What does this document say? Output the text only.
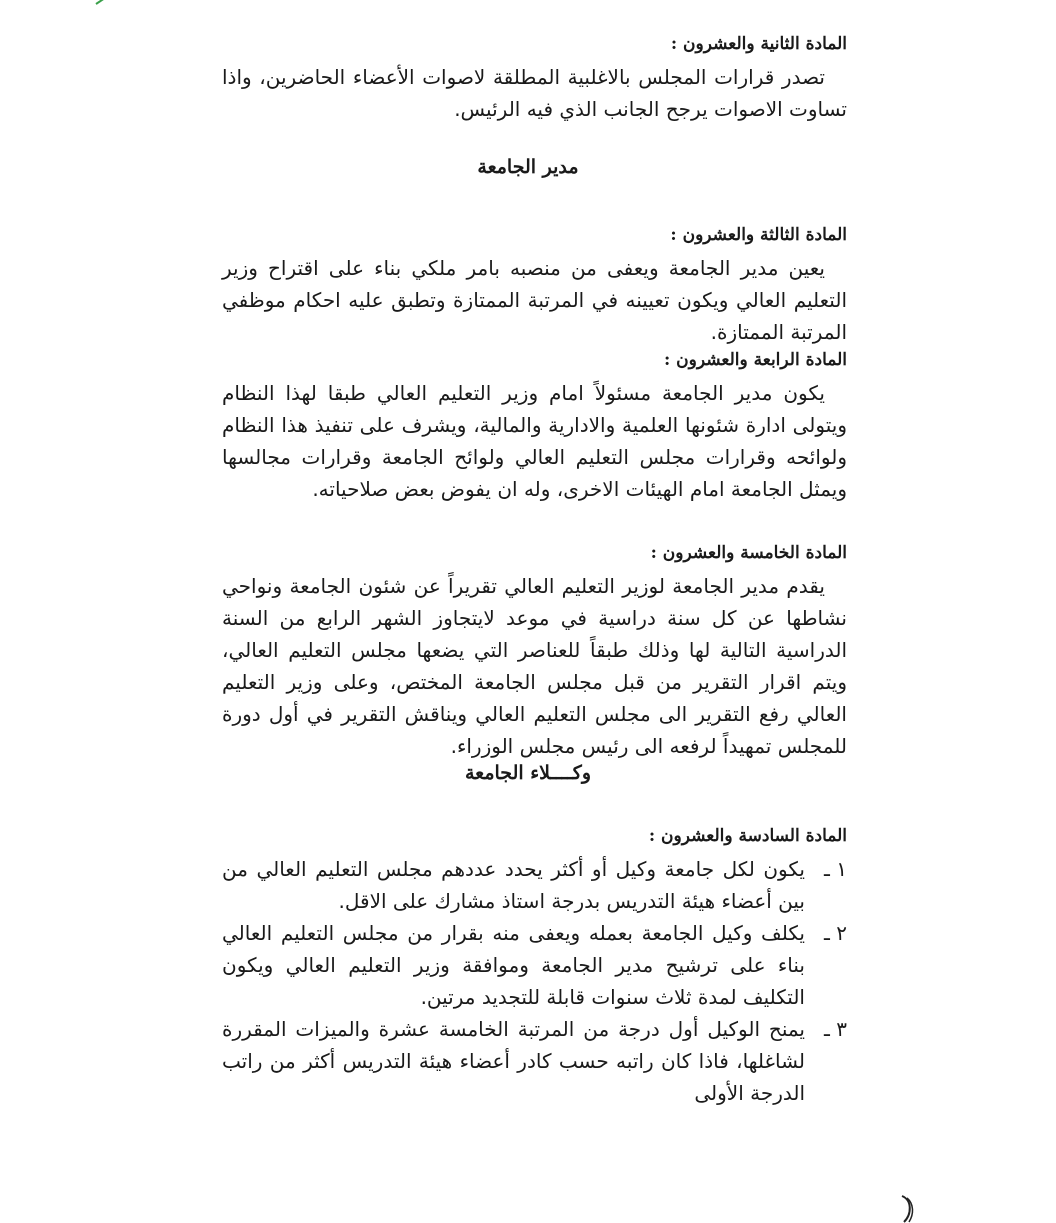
المادة الثانية والعشرون :

تصدر قرارات المجلس بالاغلبية المطلقة لاصوات الأعضاء الحاضرين، واذا تساوت الاصوات يرجح الجانب الذي فيه الرئيس.

مدير الجامعة
المادة الثالثة والعشرون :

يعين مدير الجامعة ويعفى من منصبه بامر ملكي بناء على اقتراح وزير التعليم العالي ويكون تعيينه في المرتبة الممتازة وتطبق عليه احكام موظفي المرتبة الممتازة.

المادة الرابعة والعشرون :

يكون مدير الجامعة مسئولاً امام وزير التعليم العالي طبقا لهذا النظام ويتولى ادارة شئونها العلمية والادارية والمالية، ويشرف على تنفيذ هذا النظام ولوائحه وقرارات مجلس التعليم العالي ولوائح الجامعة وقرارات مجالسها ويمثل الجامعة امام الهيئات الاخرى، وله ان يفوض بعض صلاحياته.

المادة الخامسة والعشرون :

يقدم مدير الجامعة لوزير التعليم العالي تقريراً عن شئون الجامعة ونواحي نشاطها عن كل سنة دراسية في موعد لايتجاوز الشهر الرابع من السنة الدراسية التالية لها وذلك طبقاً للعناصر التي يضعها مجلس التعليم العالي، ويتم اقرار التقرير من قبل مجلس الجامعة المختص، وعلى وزير التعليم العالي رفع التقرير الى مجلس التعليم العالي ويناقش التقرير في أول دورة للمجلس تمهيداً لرفعه الى رئيس مجلس الوزراء.

وكــــلاء الجامعة
المادة السادسة والعشرون :

١ ـ
يكون لكل جامعة وكيل أو أكثر يحدد عددهم مجلس التعليم العالي من بين أعضاء هيئة التدريس بدرجة استاذ مشارك على الاقل.

٢ ـ
يكلف وكيل الجامعة بعمله ويعفى منه بقرار من مجلس التعليم العالي بناء على ترشيح مدير الجامعة وموافقة وزير التعليم العالي ويكون التكليف لمدة ثلاث سنوات قابلة للتجديد مرتين.

٣ ـ
يمنح الوكيل أول درجة من المرتبة الخامسة عشرة والميزات المقررة لشاغلها، فاذا كان راتبه حسب كادر أعضاء هيئة التدريس أكثر من راتب الدرجة الأولى
